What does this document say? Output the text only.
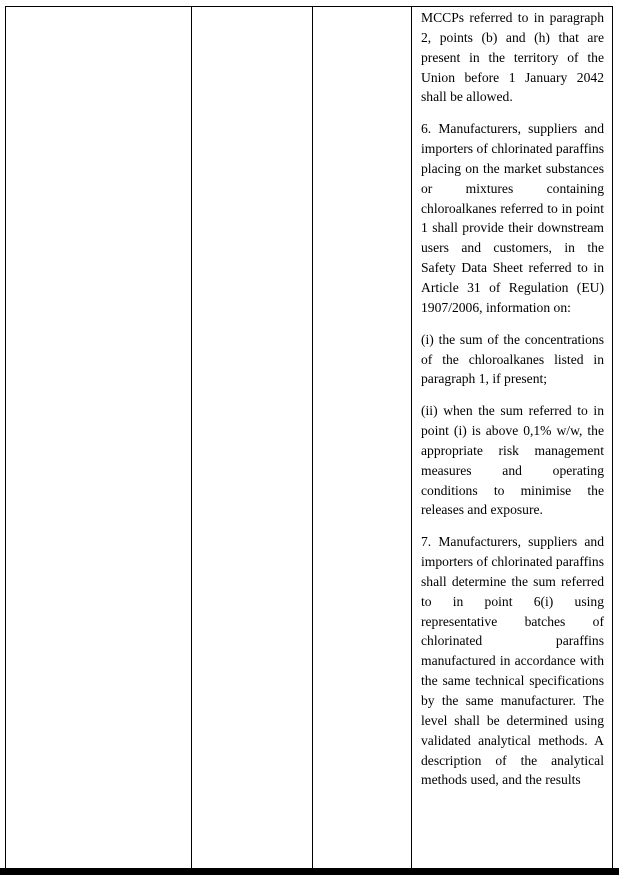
MCCPs referred to in paragraph 2, points (b) and (h) that are present in the territory of the Union before 1 January 2042 shall be allowed.

6. Manufacturers, suppliers and importers of chlorinated paraffins placing on the market substances or mixtures containing chloroalkanes referred to in point 1 shall provide their downstream users and customers, in the Safety Data Sheet referred to in Article 31 of Regulation (EU) 1907/2006, information on:

(i) the sum of the concentrations of the chloroalkanes listed in paragraph 1, if present;

(ii) when the sum referred to in point (i) is above 0,1% w/w, the appropriate risk management measures and operating conditions to minimise the releases and exposure.

7. Manufacturers, suppliers and importers of chlorinated paraffins shall determine the sum referred to in point 6(i) using representative batches of chlorinated paraffins manufactured in accordance with the same technical specifications by the same manufacturer. The level shall be determined using validated analytical methods. A description of the analytical methods used, and the results
